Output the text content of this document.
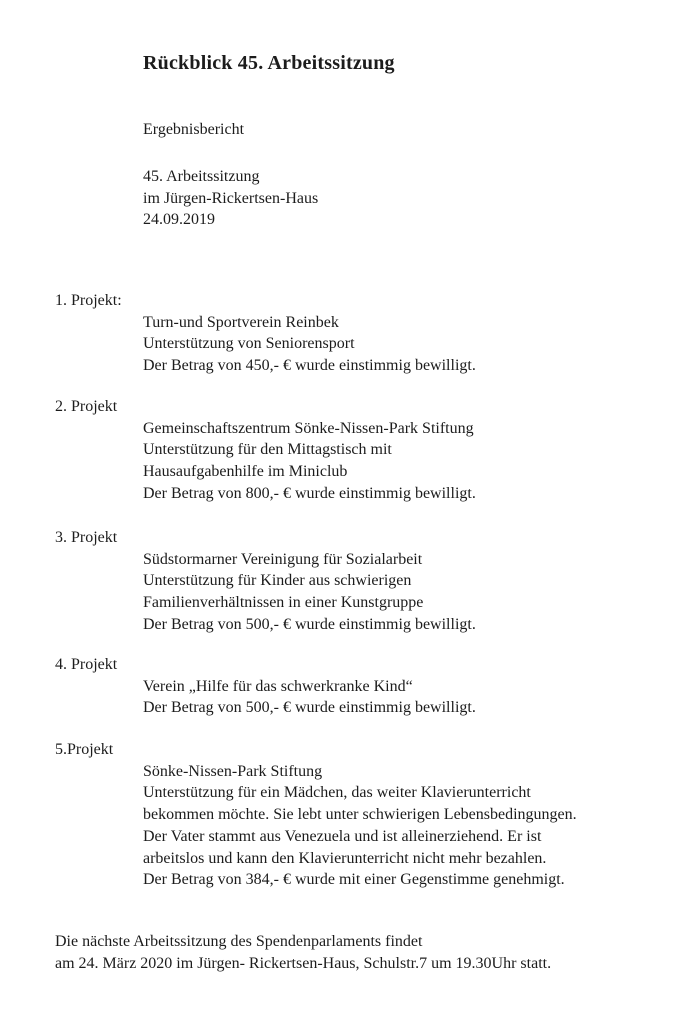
Rückblick 45. Arbeitssitzung
Ergebnisbericht
45. Arbeitssitzung
im Jürgen-Rickertsen-Haus
24.09.2019
1. Projekt:
Turn-und Sportverein Reinbek
Unterstützung von Seniorensport
Der Betrag von 450,- € wurde einstimmig bewilligt.
2. Projekt
Gemeinschaftszentrum Sönke-Nissen-Park Stiftung
Unterstützung für den Mittagstisch mit
Hausaufgabenhilfe im Miniclub
Der Betrag von 800,- € wurde einstimmig bewilligt.
3. Projekt
Südstormarner Vereinigung für Sozialarbeit
Unterstützung für Kinder aus schwierigen
Familienverhältnissen in einer Kunstgruppe
Der Betrag von 500,- € wurde einstimmig bewilligt.
4. Projekt
Verein „Hilfe für das schwerkranke Kind“
Der Betrag von 500,- € wurde einstimmig bewilligt.
5.Projekt
Sönke-Nissen-Park Stiftung
Unterstützung für ein Mädchen, das weiter Klavierunterricht
bekommen möchte. Sie lebt unter schwierigen Lebensbedingungen.
Der Vater stammt aus Venezuela und ist alleinerziehend. Er ist
arbeitslos und kann den Klavierunterricht nicht mehr bezahlen.
Der Betrag von 384,- € wurde mit einer Gegenstimme genehmigt.
Die nächste Arbeitssitzung des Spendenparlaments findet
am 24. März 2020 im Jürgen- Rickertsen-Haus, Schulstr.7 um 19.30Uhr statt.
